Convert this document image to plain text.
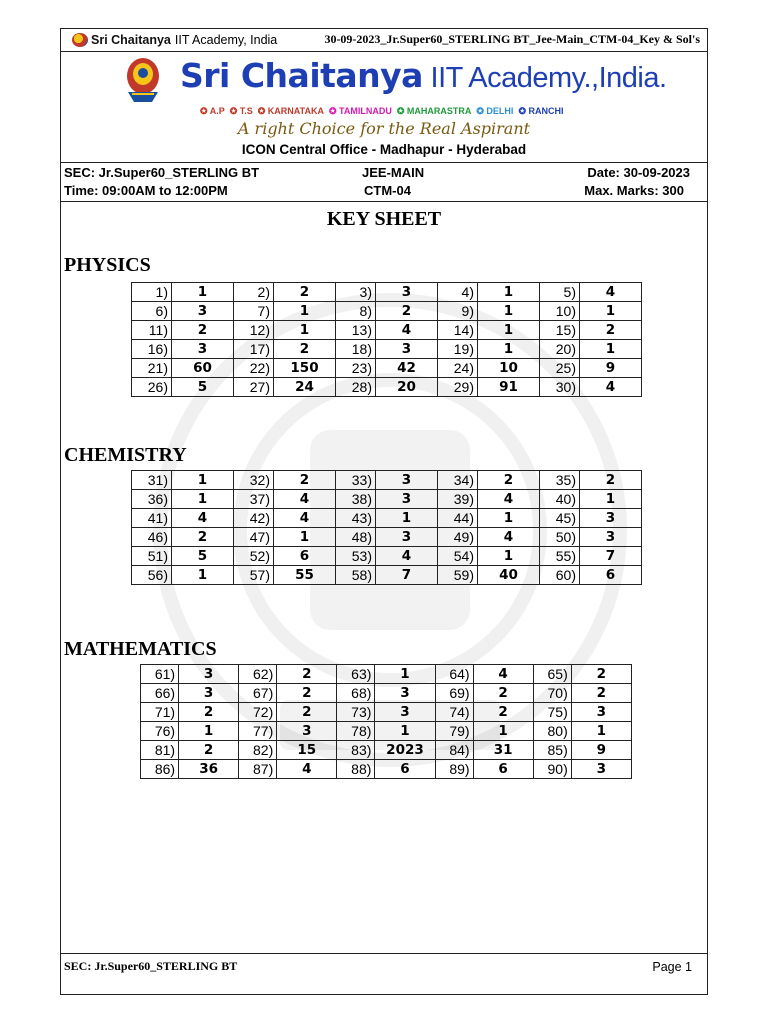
Sri Chaitanya IIT Academy, India	30-09-2023_Jr.Super60_STERLING BT_Jee-Main_CTM-04_Key & Sol's
Sri Chaitanya IIT Academy.,India.
✪ A.P ✪ T.S ✪ KARNATAKA ✪ TAMILNADU ✪ MAHARASTRA ✪ DELHI ✪ RANCHI
A right Choice for the Real Aspirant
ICON Central Office - Madhapur - Hyderabad
SEC: Jr.Super60_STERLING BT
Time: 09:00AM to 12:00PM
JEE-MAIN
CTM-04
Date: 30-09-2023
Max. Marks: 300
KEY SHEET
PHYSICS
1)	1	2)	2	3)	3	4)	1	5)	4
6)	3	7)	1	8)	2	9)	1	10)	1
11)	2	12)	1	13)	4	14)	1	15)	2
16)	3	17)	2	18)	3	19)	1	20)	1
21)	60	22)	150	23)	42	24)	10	25)	9
26)	5	27)	24	28)	20	29)	91	30)	4
CHEMISTRY
31)	1	32)	2	33)	3	34)	2	35)	2
36)	1	37)	4	38)	3	39)	4	40)	1
41)	4	42)	4	43)	1	44)	1	45)	3
46)	2	47)	1	48)	3	49)	4	50)	3
51)	5	52)	6	53)	4	54)	1	55)	7
56)	1	57)	55	58)	7	59)	40	60)	6
MATHEMATICS
61)	3	62)	2	63)	1	64)	4	65)	2
66)	3	67)	2	68)	3	69)	2	70)	2
71)	2	72)	2	73)	3	74)	2	75)	3
76)	1	77)	3	78)	1	79)	1	80)	1
81)	2	82)	15	83)	2023	84)	31	85)	9
86)	36	87)	4	88)	6	89)	6	90)	3
SEC: Jr.Super60_STERLING BT	Page 1
